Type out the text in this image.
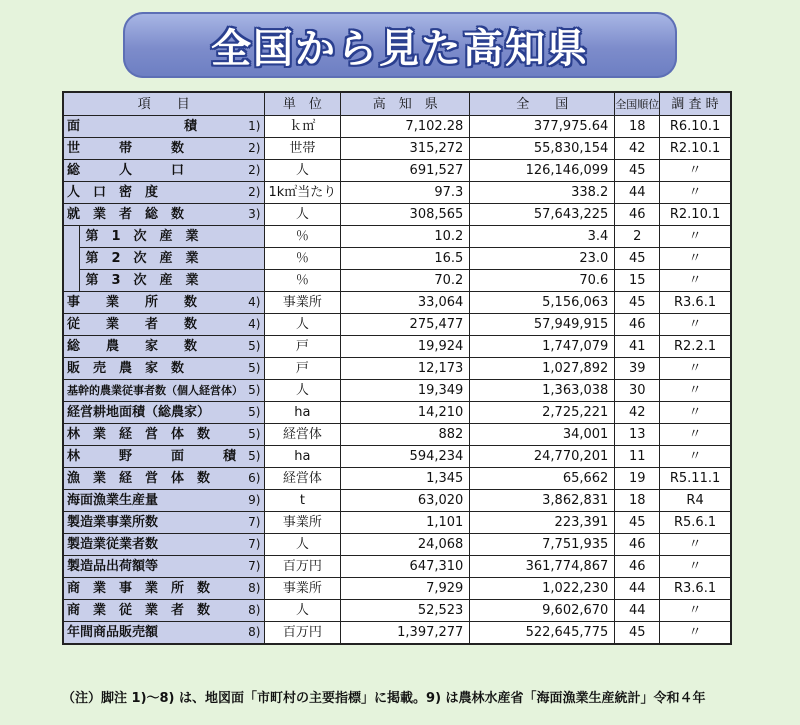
全国から見た高知県
項　　目		単　位	高　知　県	全　　国	全国順位	調 査 時
面　　　　　　　　積 1)		ｋ㎡	7,102.28	377,975.64	18	R6.10.1
世　　　帯　　　数 2)		世帯	315,272	55,830,154	42	R2.10.1
総　　　人　　　口 2)		人	691,527	126,146,099	45	〃
人　口　密　度 2)		1k㎡当たり	97.3	338.2	44	〃
就　業　者　総　数 3)		人	308,565	57,643,225	46	R2.10.1
	第　1　次　産　業	％	10.2	3.4	2	〃
	第　2　次　産　業	％	16.5	23.0	45	〃
	第　3　次　産　業	％	70.2	70.6	15	〃
事　　業　　所　　数 4)		事業所	33,064	5,156,063	45	R3.6.1
従　　業　　者　　数 4)		人	275,477	57,949,915	46	〃
総　　農　　家　　数 5)		戸	19,924	1,747,079	41	R2.2.1
販　売　農　家　数 5)		戸	12,173	1,027,892	39	〃
基幹的農業従事者数（個人経営体） 5)		人	19,349	1,363,038	30	〃
経営耕地面積（総農家） 5)		ha	14,210	2,725,221	42	〃
林　業　経　営　体　数 5)		経営体	882	34,001	13	〃
林　　　野　　　面　　　積 5)		ha	594,234	24,770,201	11	〃
漁　業　経　営　体　数 6)		経営体	1,345	65,662	19	R5.11.1
海面漁業生産量 9)		t	63,020	3,862,831	18	R4
製造業事業所数 7)		事業所	1,101	223,391	45	R5.6.1
製造業従業者数 7)		人	24,068	7,751,935	46	〃
製造品出荷額等 7)		百万円	647,310	361,774,867	46	〃
商　業　事　業　所　数 8)		事業所	7,929	1,022,230	44	R3.6.1
商　業　従　業　者　数 8)		人	52,523	9,602,670	44	〃
年間商品販売額 8)		百万円	1,397,277	522,645,775	45	〃
（注）脚注 1)～8) は、地図面「市町村の主要指標」に掲載。9) は農林水産省「海面漁業生産統計」令和４年
